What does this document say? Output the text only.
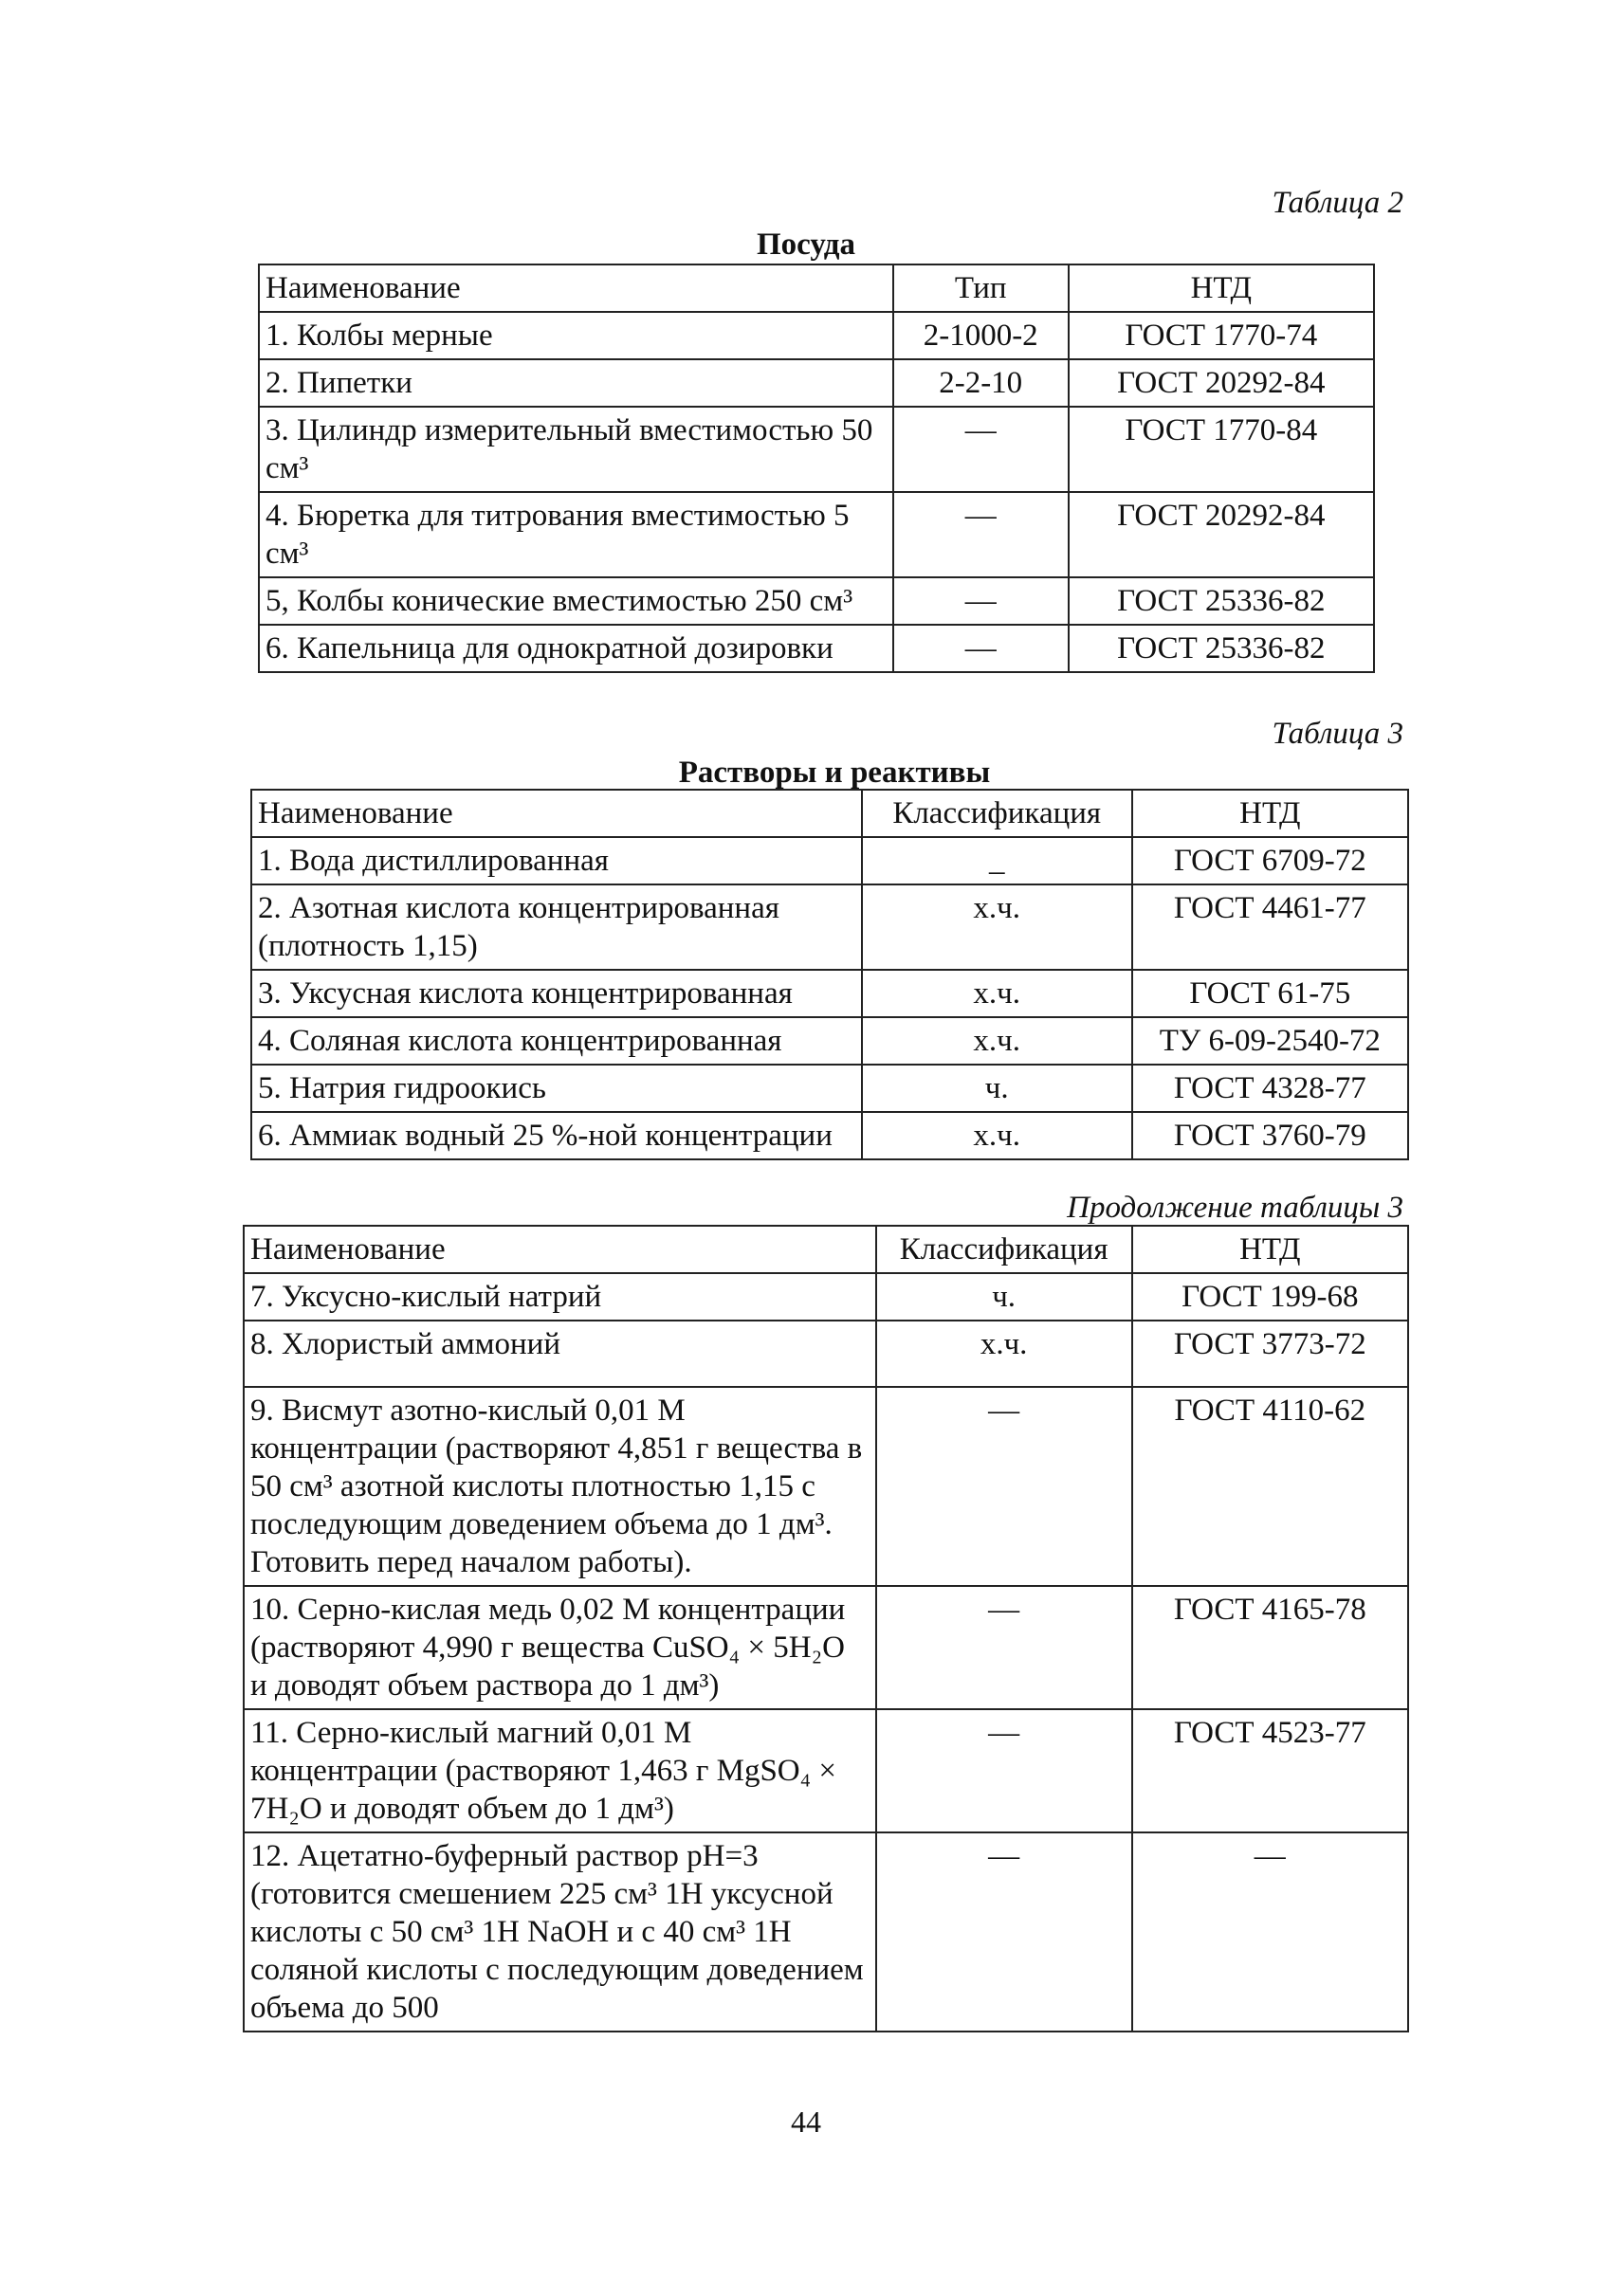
Таблица 2
Посуда
Наименование	Тип	НТД
1. Колбы мерные	2-1000-2	ГОСТ 1770-74
2. Пипетки	2-2-10	ГОСТ 20292-84
3. Цилиндр измерительный вместимостью 50 см³	—	ГОСТ 1770-84
4. Бюретка для титрования вместимостью 5 см³	—	ГОСТ 20292-84
5, Колбы конические вместимостью 250 см³	—	ГОСТ 25336-82
6. Капельница для однократной дозировки	—	ГОСТ 25336-82
Таблица 3
Растворы и реактивы
Наименование	Классификация	НТД
1. Вода дистиллированная	_	ГОСТ 6709-72
2. Азотная кислота концентрированная (плотность 1,15)	х.ч.	ГОСТ 4461-77
3. Уксусная кислота концентрированная	х.ч.	ГОСТ 61-75
4. Соляная кислота концентрированная	х.ч.	ТУ 6-09-2540-72
5. Натрия гидроокись	ч.	ГОСТ 4328-77
6. Аммиак водный 25 %-ной концентрации	х.ч.	ГОСТ 3760-79
Продолжение таблицы 3
Наименование	Классификация	НТД
7. Уксусно-кислый натрий	ч.	ГОСТ 199-68
8. Хлористый аммоний	х.ч.	ГОСТ 3773-72
9. Висмут азотно-кислый 0,01 М концентрации (растворяют 4,851 г вещества в 50 см³ азотной кислоты плотностью 1,15 с последующим доведением объема до 1 дм³. Готовить перед началом работы).	—	ГОСТ 4110-62
10. Серно-кислая медь 0,02 М концентрации (растворяют 4,990 г вещества CuSO₄ × 5H₂O и доводят объем раствора до 1 дм³)	—	ГОСТ 4165-78
11. Серно-кислый магний 0,01 М концентрации (растворяют 1,463 г MgSO₄ × 7H₂O и доводят объем до 1 дм³)	—	ГОСТ 4523-77
12. Ацетатно-буферный раствор pH=3 (готовится смешением 225 см³ 1Н уксусной кислоты с 50 см³ 1Н NaOH и с 40 см³ 1Н соляной кислоты с последующим доведением объема до 500	—	—
44
